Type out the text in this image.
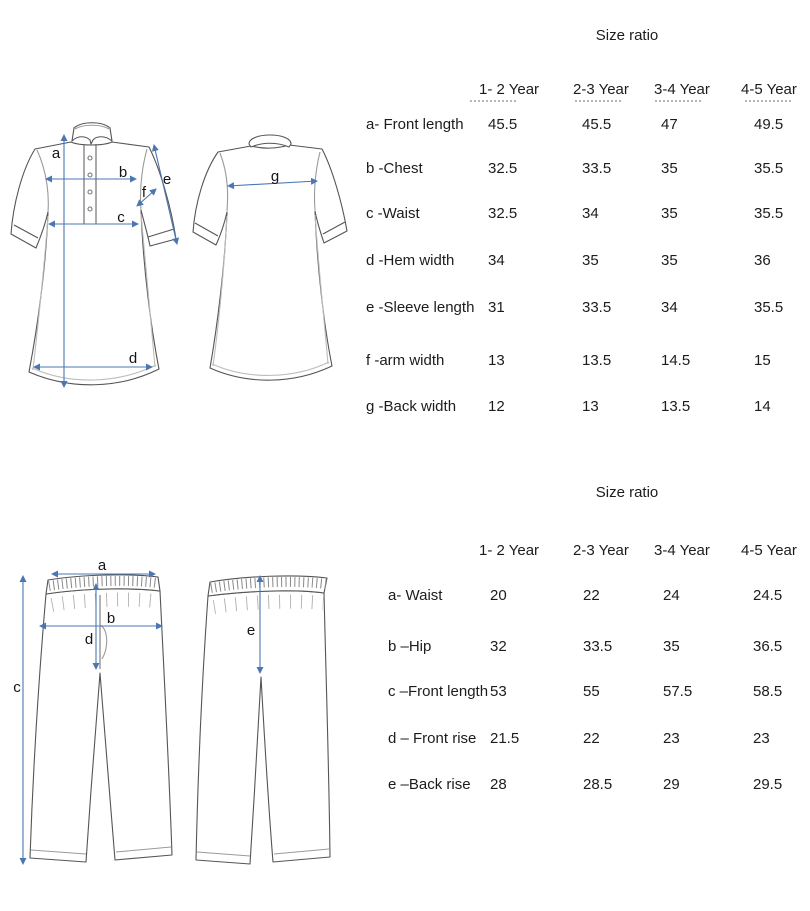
a
b
c
d
e
f
g
a
b
c
d
e
Size ratio
1- 2 Year 2-3 Year 3-4 Year 4-5 Year
a- Front length 45.5	45.5	47	49.5
b -Chest	32.5	33.5	35	35.5
c -Waist	32.5	34	35	35.5
d -Hem width 34	35	35	36
e -Sleeve length 31	33.5	34	35.5
f -arm width	13	13.5	14.5	15
g -Back width 12	13	13.5	14
Size ratio
1- 2 Year 2-3 Year 3-4 Year 4-5 Year
a- Waist	20	22	24	24.5
b –Hip	32	33.5	35	36.5
c –Front length 53	55	57.5	58.5
d – Front rise 21.5	22	23	23
e –Back rise 28	28.5	29	29.5
